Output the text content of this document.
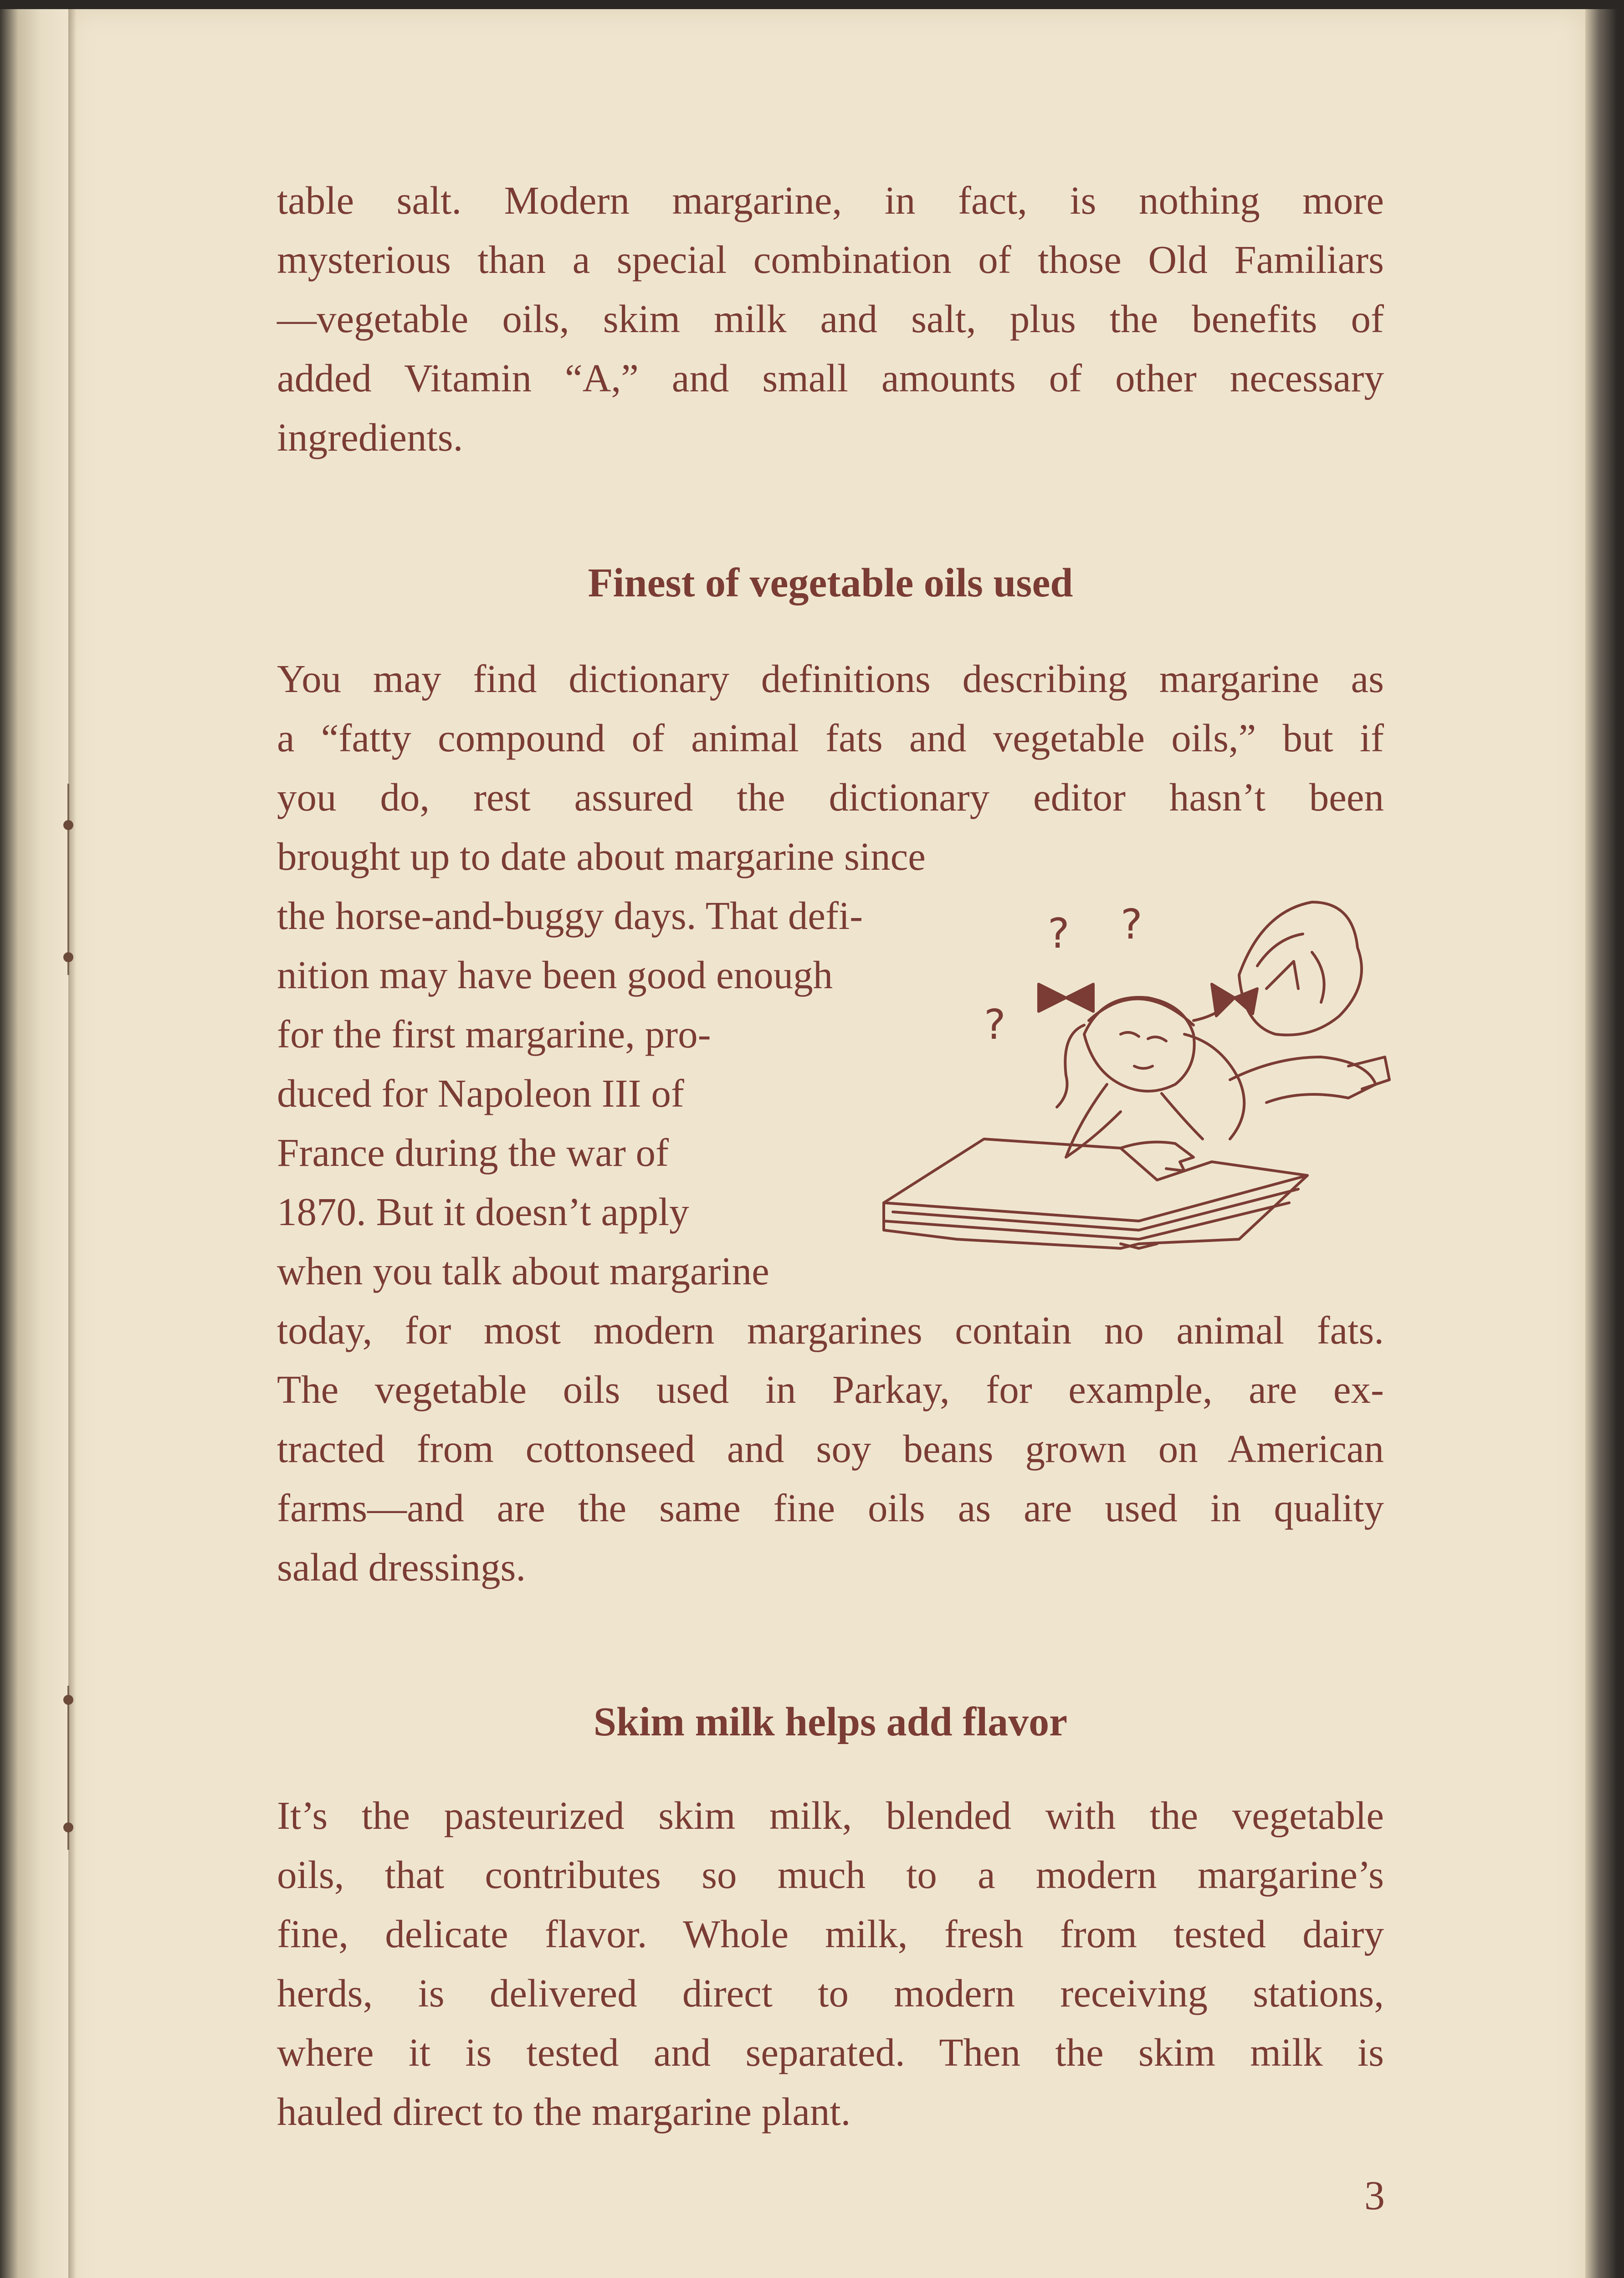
table salt. Modern margarine, in fact, is nothing more
mysterious than a special combination of those Old Familiars
—vegetable oils, skim milk and salt, plus the benefits of
added Vitamin “A,” and small amounts of other necessary
ingredients.
Finest of vegetable oils used
You may find dictionary definitions describing margarine as
a “fatty compound of animal fats and vegetable oils,” but if
you do, rest assured the dictionary editor hasn’t been
brought up to date about margarine since
the horse-and-buggy days. That defi-
nition may have been good enough
for the first margarine, pro-
duced for Napoleon III of
France during the war of
1870. But it doesn’t apply
when you talk about margarine
today, for most modern margarines contain no animal fats.
The vegetable oils used in Parkay, for example, are ex-
tracted from cottonseed and soy beans grown on American
farms—and are the same fine oils as are used in quality
salad dressings.
? ?
?
Skim milk helps add flavor
It’s the pasteurized skim milk, blended with the vegetable
oils, that contributes so much to a modern margarine’s
fine, delicate flavor. Whole milk, fresh from tested dairy
herds, is delivered direct to modern receiving stations,
where it is tested and separated. Then the skim milk is
hauled direct to the margarine plant.
3
